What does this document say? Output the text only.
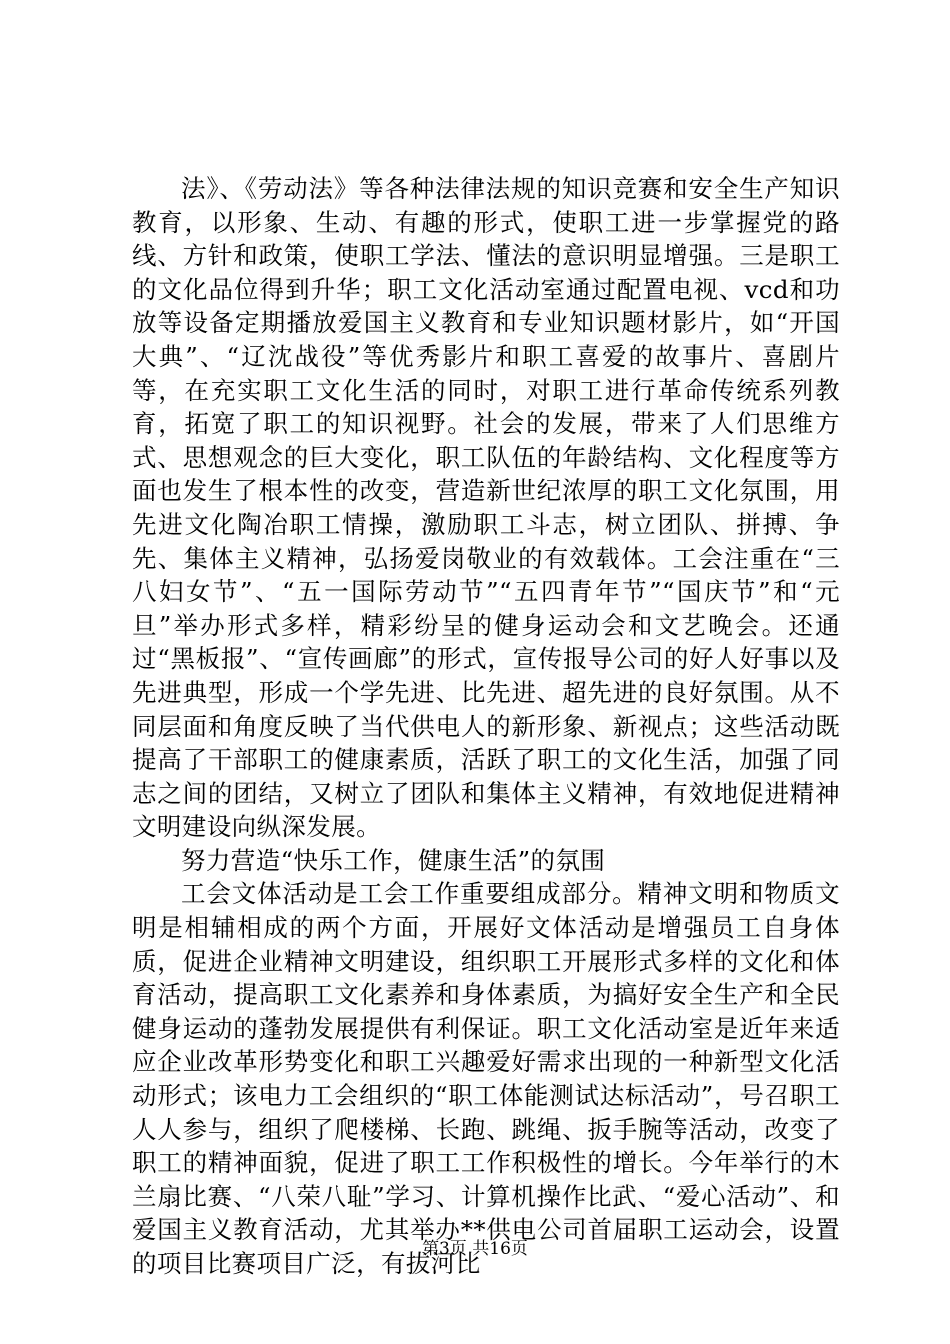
法》、《劳动法》等各种法律法规的知识竞赛和安全生产知识教育，以形象、生动、有趣的形式，使职工进一步掌握党的路线、方针和政策，使职工学法、懂法的意识明显增强。三是职工的文化品位得到升华；职工文化活动室通过配置电视、vcd和功放等设备定期播放爱国主义教育和专业知识题材影片，如“开国大典”、“辽沈战役”等优秀影片和职工喜爱的故事片、喜剧片等，在充实职工文化生活的同时，对职工进行革命传统系列教育，拓宽了职工的知识视野。社会的发展，带来了人们思维方式、思想观念的巨大变化，职工队伍的年龄结构、文化程度等方面也发生了根本性的改变，营造新世纪浓厚的职工文化氛围，用先进文化陶冶职工情操，激励职工斗志，树立团队、拼搏、争先、集体主义精神，弘扬爱岗敬业的有效载体。工会注重在“三八妇女节”、“五一国际劳动节”“五四青年节”“国庆节”和“元旦”举办形式多样，精彩纷呈的健身运动会和文艺晚会。还通过“黑板报”、“宣传画廊”的形式，宣传报导公司的好人好事以及先进典型，形成一个学先进、比先进、超先进的良好氛围。从不同层面和角度反映了当代供电人的新形象、新视点；这些活动既提高了干部职工的健康素质，活跃了职工的文化生活，加强了同志之间的团结，又树立了团队和集体主义精神，有效地促进精神文明建设向纵深发展。

努力营造“快乐工作，健康生活”的氛围

工会文体活动是工会工作重要组成部分。精神文明和物质文明是相辅相成的两个方面，开展好文体活动是增强员工自身体质，促进企业精神文明建设，组织职工开展形式多样的文化和体育活动，提高职工文化素养和身体素质，为搞好安全生产和全民健身运动的蓬勃发展提供有利保证。职工文化活动室是近年来适应企业改革形势变化和职工兴趣爱好需求出现的一种新型文化活动形式；该电力工会组织的“职工体能测试达标活动”，号召职工人人参与，组织了爬楼梯、长跑、跳绳、扳手腕等活动，改变了职工的精神面貌，促进了职工工作积极性的增长。今年举行的木兰扇比赛、“八荣八耻”学习、计算机操作比武、“爱心活动”、和爱国主义教育活动，尤其举办**供电公司首届职工运动会，设置的项目比赛项目广泛，有拔河比

第3页 共16页
